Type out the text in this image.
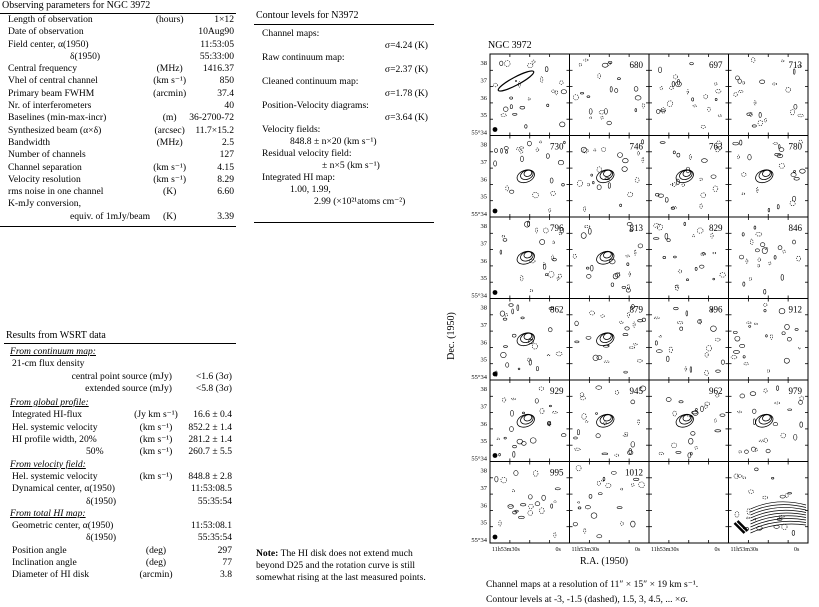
Observing parameters for NGC 3972
Length of observation	(hours)	1×12
Date of observation		10Aug90
Field center, α(1950)		11:53:05
δ(1950)		55:33:00
Central frequency	(MHz)	1416.37
Vhel of central channel	(km s⁻¹)	850
Primary beam FWHM	(arcmin)	37.4
Nr. of interferometers		40
Baselines (min-max-incr)	(m)	36-2700-72
Synthesized beam (α×δ)	(arcsec)	11.7×15.2
Bandwidth	(MHz)	2.5
Number of channels		127
Channel separation	(km s⁻¹)	4.15
Velocity resolution	(km s⁻¹)	8.29
rms noise in one channel	(K)	6.60
K-mJy conversion,		
equiv. of 1mJy/beam	(K)	3.39
Contour levels for N3972
Channel maps:
σ=4.24 (K)
Raw continuum map:
σ=2.37 (K)
Cleaned continuum map:
σ=1.78 (K)
Position-Velocity diagrams:
σ=3.64 (K)
Velocity fields:
848.8 ± n×20 (km s⁻¹)
Residual velocity field:
± n×5 (km s⁻¹)
Integrated HI map:
1.00, 1.99,
2.99 (×10²¹atoms cm⁻²)
Results from WSRT data
From continuum map:		
21-cm flux density		
central point source (mJy)		<1.6 (3σ)
extended source (mJy)		<5.8 (3σ)

From global profile:		
Integrated HI-flux	(Jy km s⁻¹)	16.6 ± 0.4
Hel. systemic velocity	(km s⁻¹)	852.2 ± 1.4
HI profile width, 20%	(km s⁻¹)	281.2 ± 1.4
50%	(km s⁻¹)	260.7 ± 5.5
From velocity field:		
Hel. systemic velocity	(km s⁻¹)	848.8 ± 2.8
Dynamical center, α(1950)		11:53:08.5
δ(1950)		55:35:54
From total HI map:		
Geometric center, α(1950)		11:53:08.1
δ(1950)		55:35:54
Position angle	(deg)	297
Inclination angle	(deg)	77
Diameter of HI disk	(arcmin)	3.8
Note: The HI disk does not extend much beyond D25 and the rotation curve is still somewhat rising at the last measured points.
NGC 3972
Dec. (1950)
38
37
36
35
55°34
680	697	713
730
38
37
36
35
55°34
746	763	780
796
38
37
36
35
55°34
813	829	846
862
38
37
36
35
55°34
879	896	912
929
38
37
36
35
55°34
945	962	979
995
38
37
36
35
55°34
11h53m30s	0s
1012
11h53m30s	0s 11h53m30s	0s 11h53m30s	0s
R.A. (1950)
Channel maps at a resolution of 11″ × 15″ × 19 km s⁻¹.
Contour levels at -3, -1.5 (dashed), 1.5, 3, 4.5, ... ×σ.
